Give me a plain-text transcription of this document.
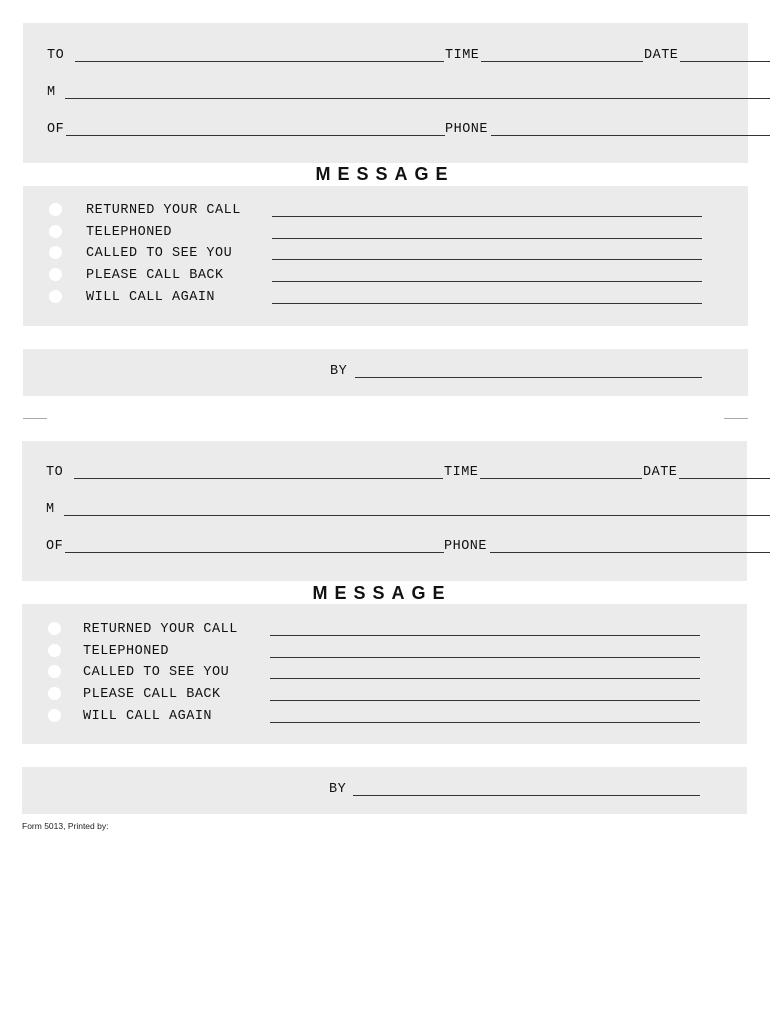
TO	TIME	DATE
M
OF	PHONE
MESSAGE
RETURNED YOUR CALL
TELEPHONED
CALLED TO SEE YOU
PLEASE CALL BACK
WILL CALL AGAIN
BY
TO	TIME	DATE
M
OF	PHONE
MESSAGE
RETURNED YOUR CALL
TELEPHONED
CALLED TO SEE YOU
PLEASE CALL BACK
WILL CALL AGAIN
BY
Form 5013, Printed by:
